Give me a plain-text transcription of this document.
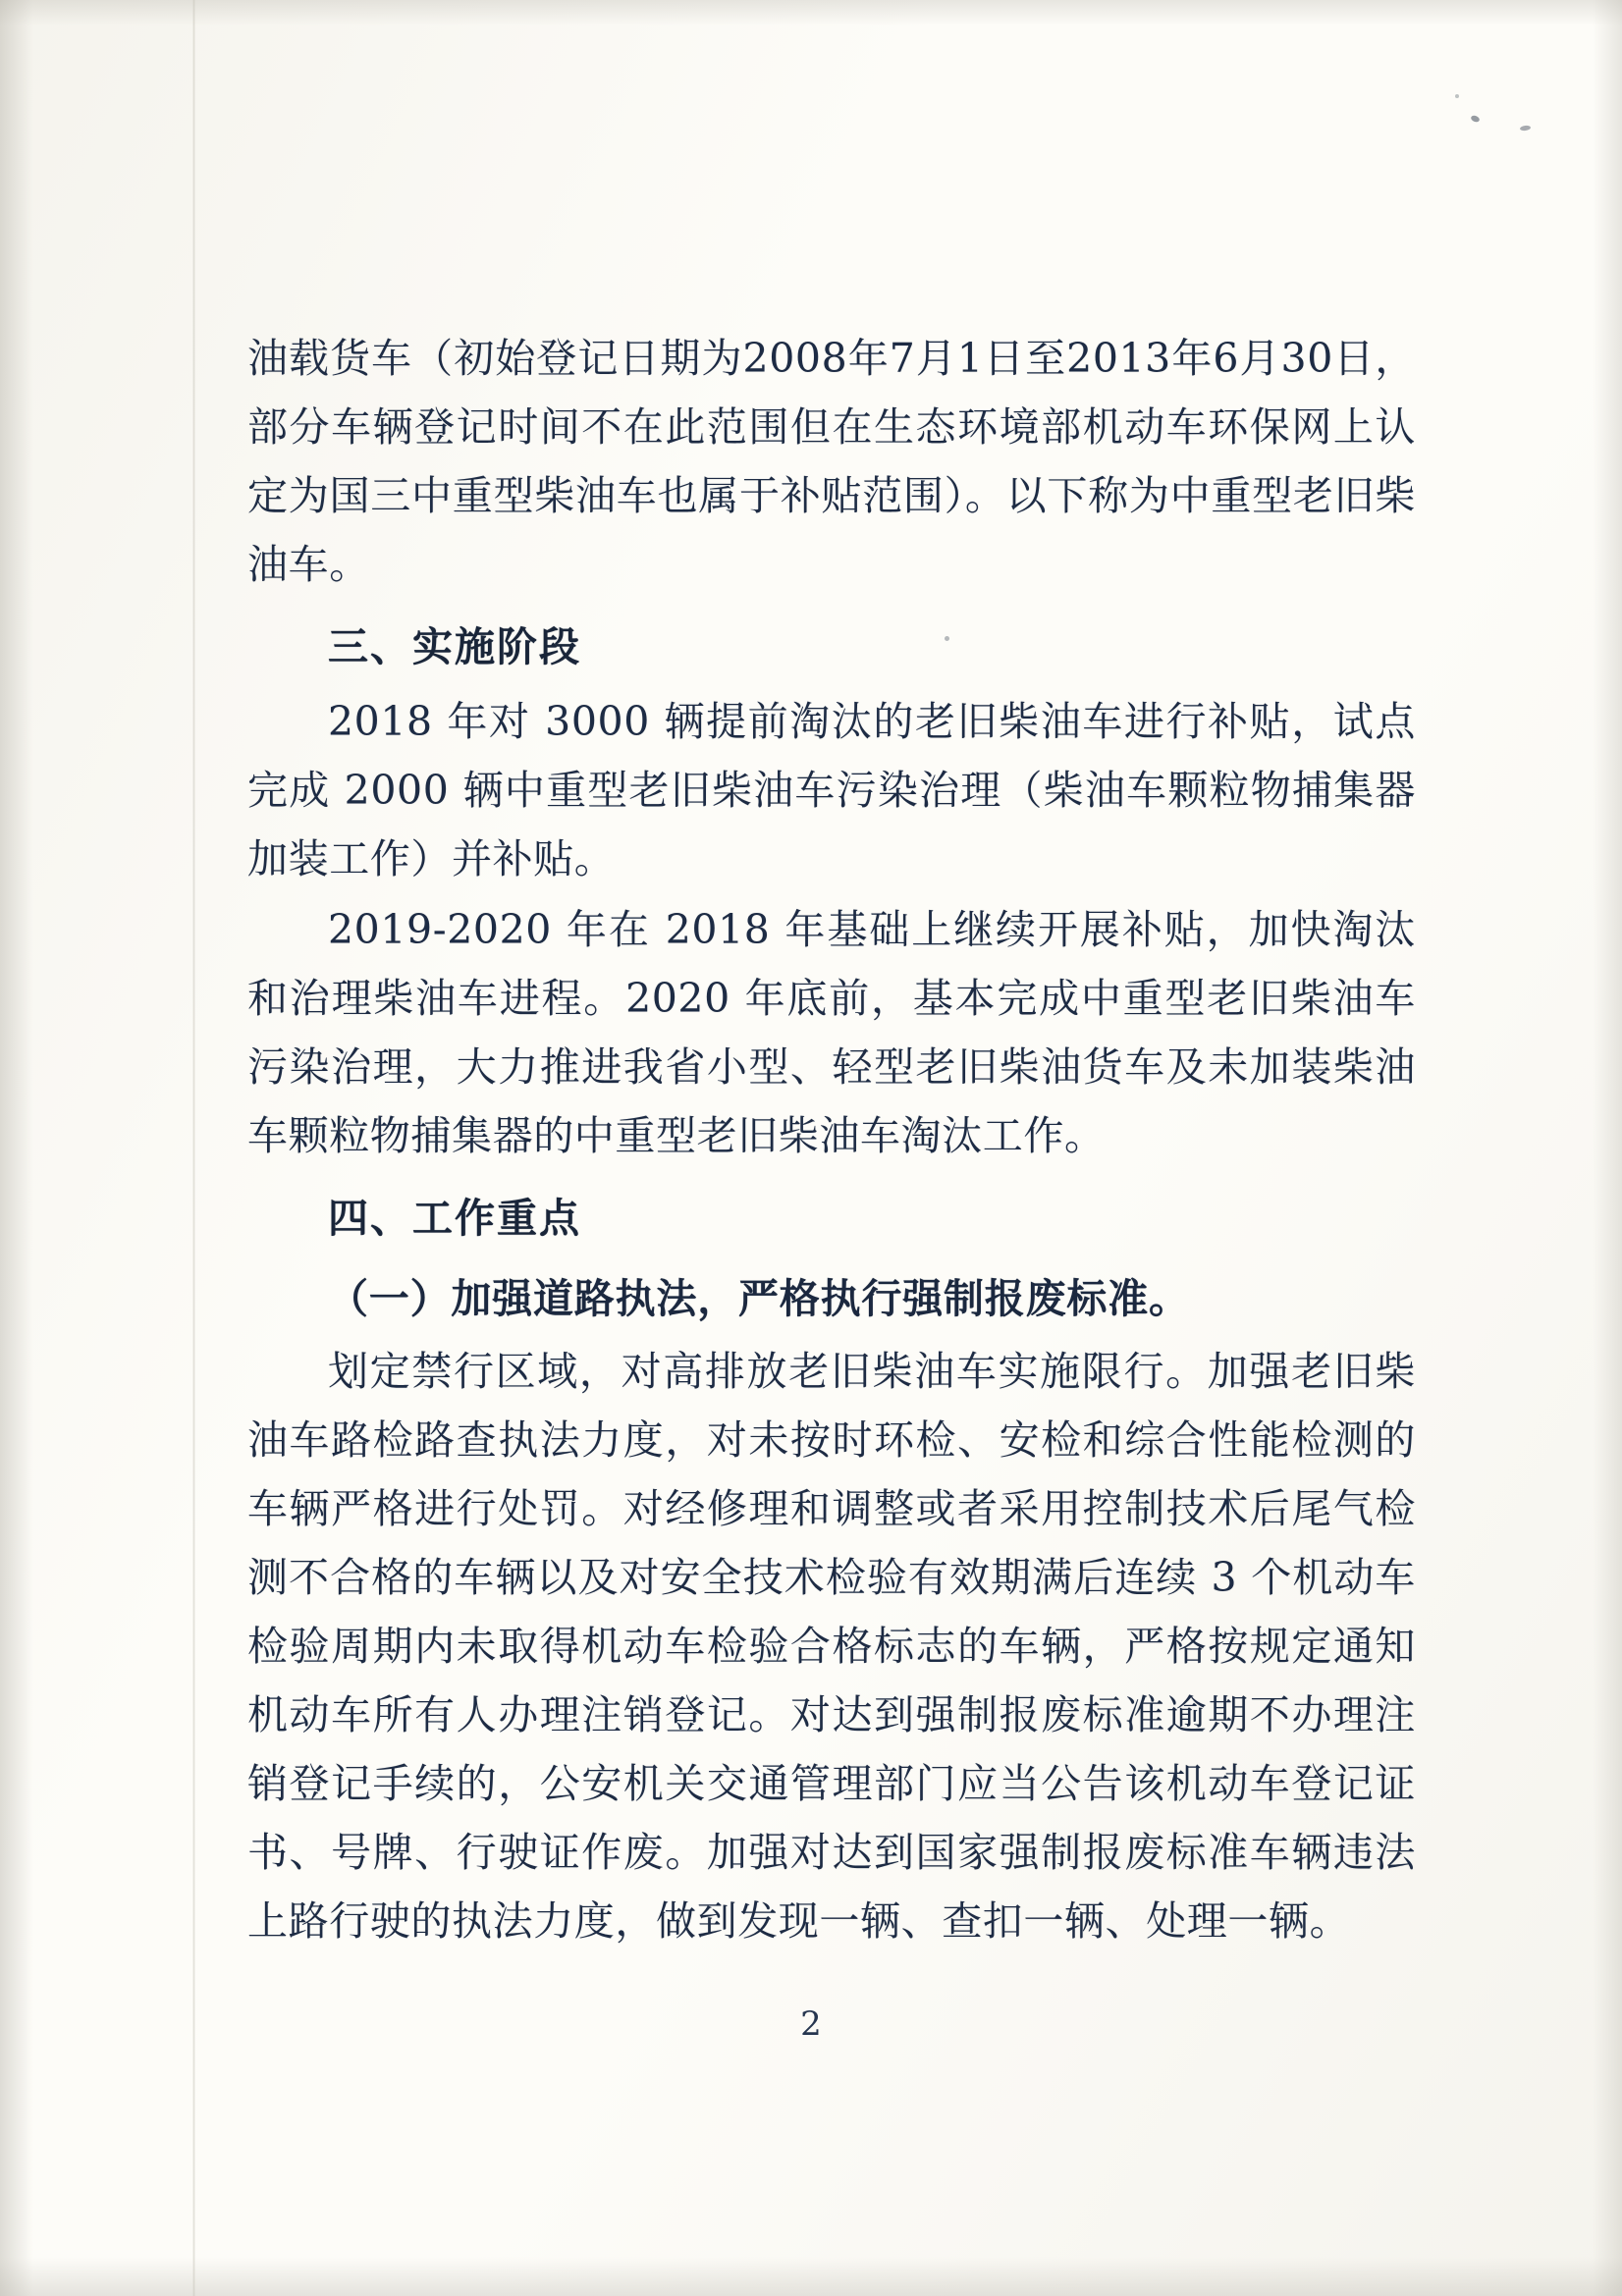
油载货车（初始登记日期为2008年7月1日至2013年6月30日，部分车辆登记时间不在此范围但在生态环境部机动车环保网上认定为国三中重型柴油车也属于补贴范围）。以下称为中重型老旧柴油车。

三、实施阶段

2018 年对 3000 辆提前淘汰的老旧柴油车进行补贴，试点完成 2000 辆中重型老旧柴油车污染治理（柴油车颗粒物捕集器加装工作）并补贴。

2019-2020 年在 2018 年基础上继续开展补贴，加快淘汰和治理柴油车进程。2020 年底前，基本完成中重型老旧柴油车污染治理，大力推进我省小型、轻型老旧柴油货车及未加装柴油车颗粒物捕集器的中重型老旧柴油车淘汰工作。

四、工作重点
（一）加强道路执法，严格执行强制报废标准。

划定禁行区域，对高排放老旧柴油车实施限行。加强老旧柴油车路检路查执法力度，对未按时环检、安检和综合性能检测的车辆严格进行处罚。对经修理和调整或者采用控制技术后尾气检测不合格的车辆以及对安全技术检验有效期满后连续 3 个机动车检验周期内未取得机动车检验合格标志的车辆，严格按规定通知机动车所有人办理注销登记。对达到强制报废标准逾期不办理注销登记手续的，公安机关交通管理部门应当公告该机动车登记证书、号牌、行驶证作废。加强对达到国家强制报废标准车辆违法上路行驶的执法力度，做到发现一辆、查扣一辆、处理一辆。

2
